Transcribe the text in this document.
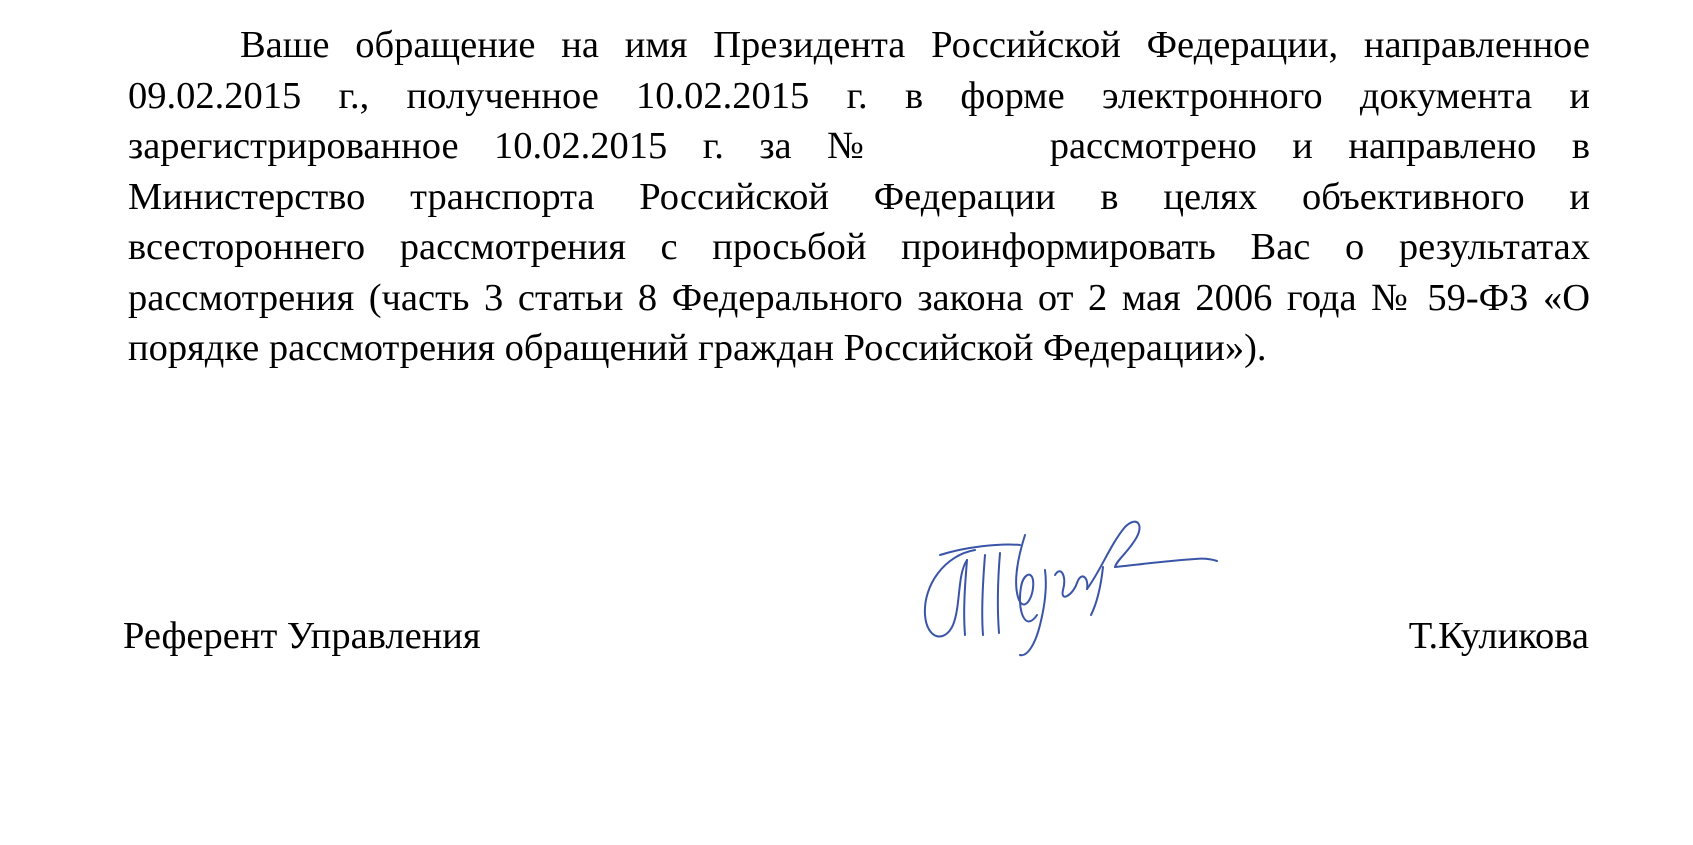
Ваше обращение на имя Президента Российской Федерации, направленное 09.02.2015 г., полученное 10.02.2015 г. в форме электронного документа и зарегистрированное 10.02.2015 г. за №	рассмотрено и направлено в Министерство транспорта Российской Федерации в целях объективного и всестороннего рассмотрения с просьбой проинформировать Вас о результатах рассмотрения (часть 3 статьи 8 Федерального закона от 2 мая 2006 года № 59-ФЗ «О порядке рассмотрения обращений граждан Российской Федерации»).

Референт Управления	Т.Куликова
